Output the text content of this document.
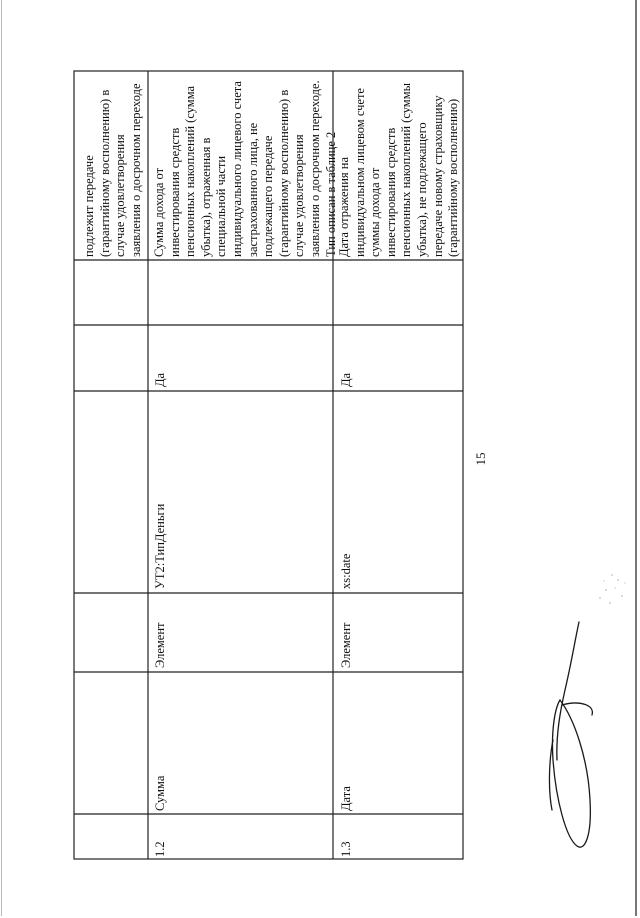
15
подлежит передаче (гарантийному восполнению) в случае удовлетворения заявления о досрочном переходе
1.2
Сумма
Элемент
УТ2:ТипДеньги
Да
Сумма дохода от инвестирования средств пенсионных накоплений (сумма убытка), отраженная в специальной части индивидуального лицевого счета застрахованного лица, не подлежащего передаче (гарантийному восполнению) в случае удовлетворения заявления о досрочном переходе. Тип описан в таблице 2
1.3
Дата
Элемент
xs:date
Да
Дата отражения на индивидуальном лицевом счете суммы дохода от инвестирования средств пенсионных накоплений (суммы убытка), не подлежащего передаче новому страховщику (гарантийному восполнению)
